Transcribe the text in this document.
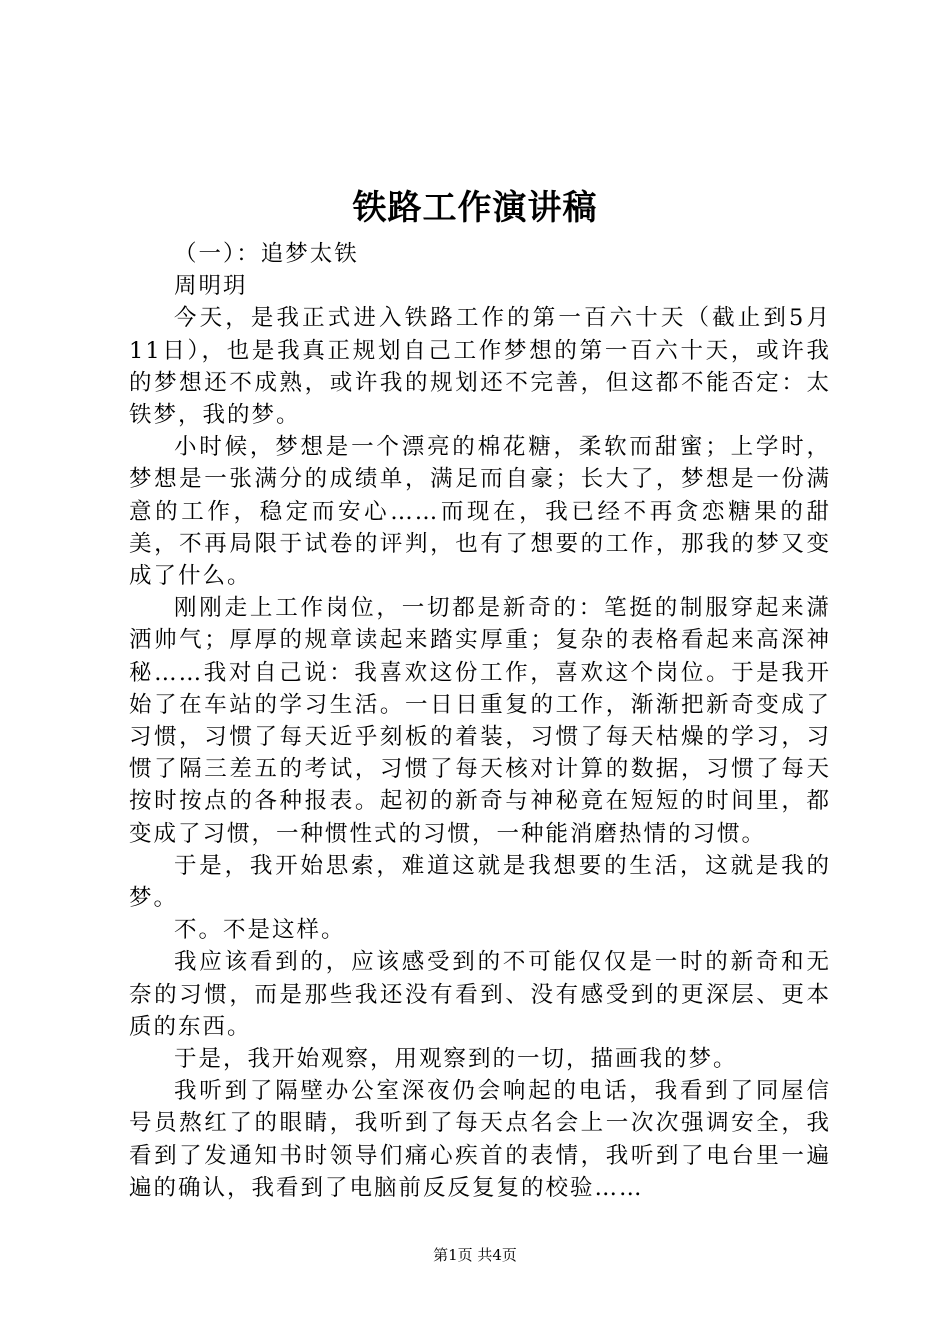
铁路工作演讲稿

（一）：追梦太铁

周明玥

今天，是我正式进入铁路工作的第一百六十天（截止到5月11日），也是我真正规划自己工作梦想的第一百六十天，或许我的梦想还不成熟，或许我的规划还不完善，但这都不能否定：太铁梦，我的梦。

小时候，梦想是一个漂亮的棉花糖，柔软而甜蜜；上学时，梦想是一张满分的成绩单，满足而自豪；长大了，梦想是一份满意的工作，稳定而安心……而现在，我已经不再贪恋糖果的甜美，不再局限于试卷的评判，也有了想要的工作，那我的梦又变成了什么。

刚刚走上工作岗位，一切都是新奇的：笔挺的制服穿起来潇洒帅气；厚厚的规章读起来踏实厚重；复杂的表格看起来高深神秘……我对自己说：我喜欢这份工作，喜欢这个岗位。于是我开始了在车站的学习生活。一日日重复的工作，渐渐把新奇变成了习惯，习惯了每天近乎刻板的着装，习惯了每天枯燥的学习，习惯了隔三差五的考试，习惯了每天核对计算的数据，习惯了每天按时按点的各种报表。起初的新奇与神秘竟在短短的时间里，都变成了习惯，一种惯性式的习惯，一种能消磨热情的习惯。

于是，我开始思索，难道这就是我想要的生活，这就是我的梦。

不。不是这样。

我应该看到的，应该感受到的不可能仅仅是一时的新奇和无奈的习惯，而是那些我还没有看到、没有感受到的更深层、更本质的东西。

于是，我开始观察，用观察到的一切，描画我的梦。

我听到了隔壁办公室深夜仍会响起的电话，我看到了同屋信号员熬红了的眼睛，我听到了每天点名会上一次次强调安全，我看到了发通知书时领导们痛心疾首的表情，我听到了电台里一遍遍的确认，我看到了电脑前反反复复的校验……

第1页 共4页
